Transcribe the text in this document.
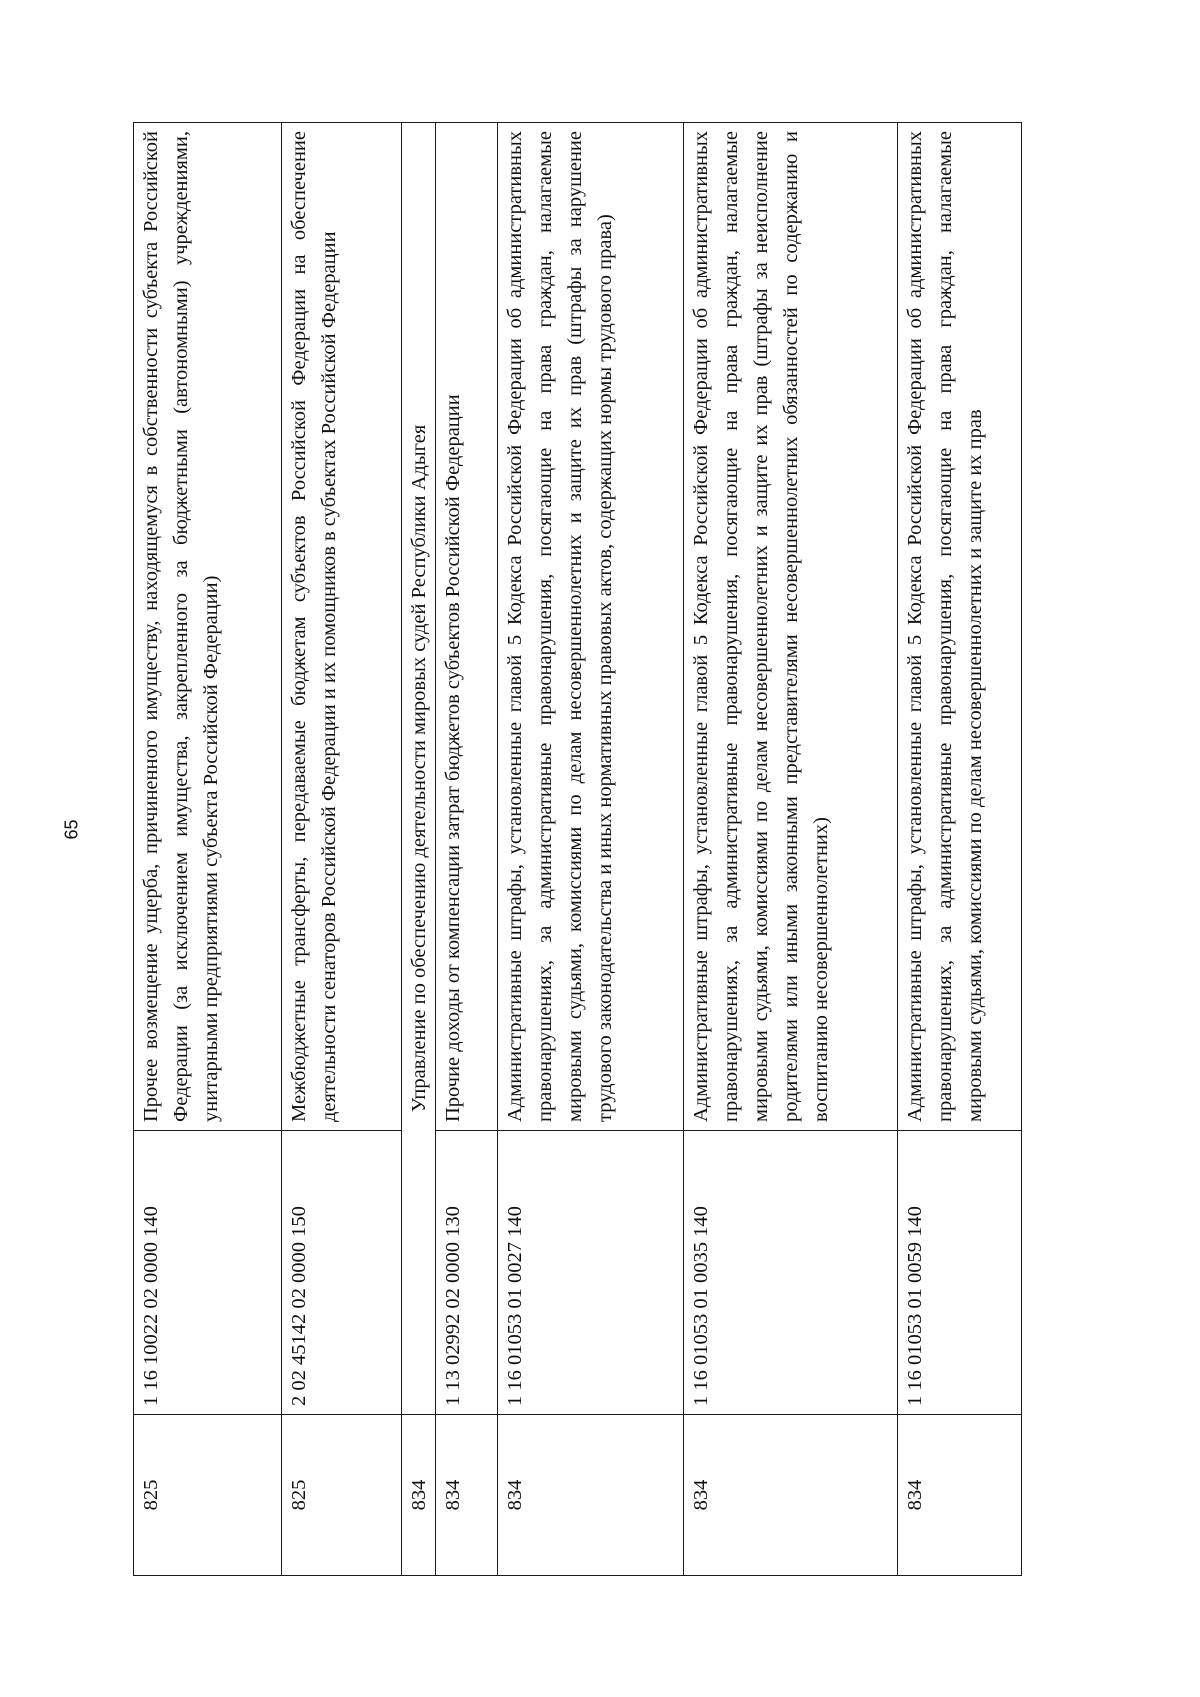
65
825	1 16 10022 02 0000 140	Прочее возмещение ущерба, причиненного имуществу, находящемуся в собственности субъекта Российской Федерации (за исключением имущества, закрепленного за бюджетными (автономными) учреждениями, унитарными предприятиями субъекта Российской Федерации)
825	2 02 45142 02 0000 150	Межбюджетные трансферты, передаваемые бюджетам субъектов Российской Федерации на обеспечение деятельности сенаторов Российской Федерации и их помощников в субъектах Российской Федерации
834	Управление по обеспечению деятельности мировых судей Республики Адыгея	
834	1 13 02992 02 0000 130	Прочие доходы от компенсации затрат бюджетов субъектов Российской Федерации
834	1 16 01053 01 0027 140	Административные штрафы, установленные главой 5 Кодекса Российской Федерации об административных правонарушениях, за административные правонарушения, посягающие на права граждан, налагаемые мировыми судьями, комиссиями по делам несовершеннолетних и защите их прав (штрафы за нарушение трудового законодательства и иных нормативных правовых актов, содержащих нормы трудового права)
834	1 16 01053 01 0035 140	Административные штрафы, установленные главой 5 Кодекса Российской Федерации об административных правонарушениях, за административные правонарушения, посягающие на права граждан, налагаемые мировыми судьями, комиссиями по делам несовершеннолетних и защите их прав (штрафы за неисполнение родителями или иными законными представителями несовершеннолетних обязанностей по содержанию и воспитанию несовершеннолетних)
834	1 16 01053 01 0059 140	Административные штрафы, установленные главой 5 Кодекса Российской Федерации об административных правонарушениях, за административные правонарушения, посягающие на права граждан, налагаемые мировыми судьями, комиссиями по делам несовершеннолетних и защите их прав
